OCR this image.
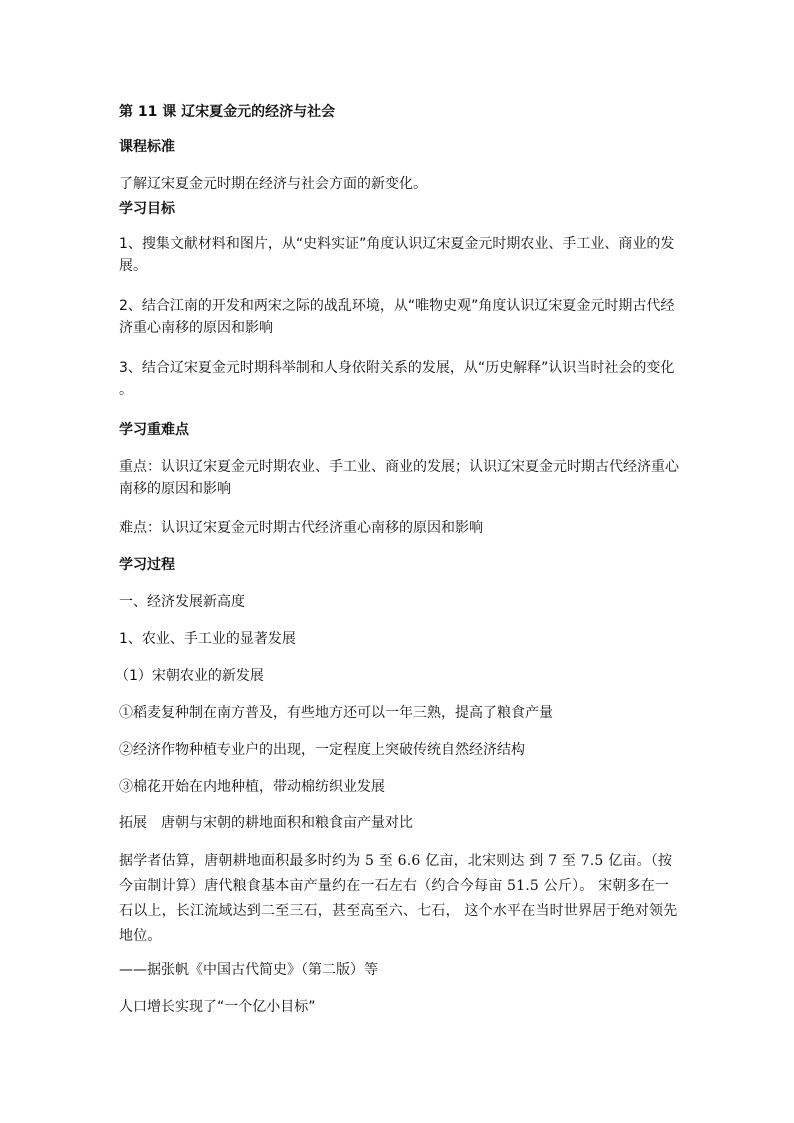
第 11 课 辽宋夏金元的经济与社会

课程标准

了解辽宋夏金元时期在经济与社会方面的新变化。

学习目标

1、搜集文献材料和图片，从“史料实证”角度认识辽宋夏金元时期农业、手工业、商业的发展。

2、结合江南的开发和两宋之际的战乱环境，从“唯物史观”角度认识辽宋夏金元时期古代经济重心南移的原因和影响

3、结合辽宋夏金元时期科举制和人身依附关系的发展，从“历史解释”认识当时社会的变化 。

学习重难点

重点：认识辽宋夏金元时期农业、手工业、商业的发展；认识辽宋夏金元时期古代经济重心南移的原因和影响

难点：认识辽宋夏金元时期古代经济重心南移的原因和影响

学习过程

一、经济发展新高度

1、农业、手工业的显著发展

（1）宋朝农业的新发展

①稻麦复种制在南方普及，有些地方还可以一年三熟，提高了粮食产量

②经济作物种植专业户的出现，一定程度上突破传统自然经济结构

③棉花开始在内地种植，带动棉纺织业发展

拓展　唐朝与宋朝的耕地面积和粮食亩产量对比

据学者估算，唐朝耕地面积最多时约为 5 至 6.6 亿亩，北宋则达 到 7 至 7.5 亿亩。（按今亩制计算）唐代粮食基本亩产量约在一石左右（约合今每亩 51.5 公斤）。 宋朝多在一石以上，长江流域达到二至三石，甚至高至六、七石， 这个水平在当时世界居于绝对领先地位。

——据张帆《中国古代简史》（第二版）等

人口增长实现了“一个亿小目标”
